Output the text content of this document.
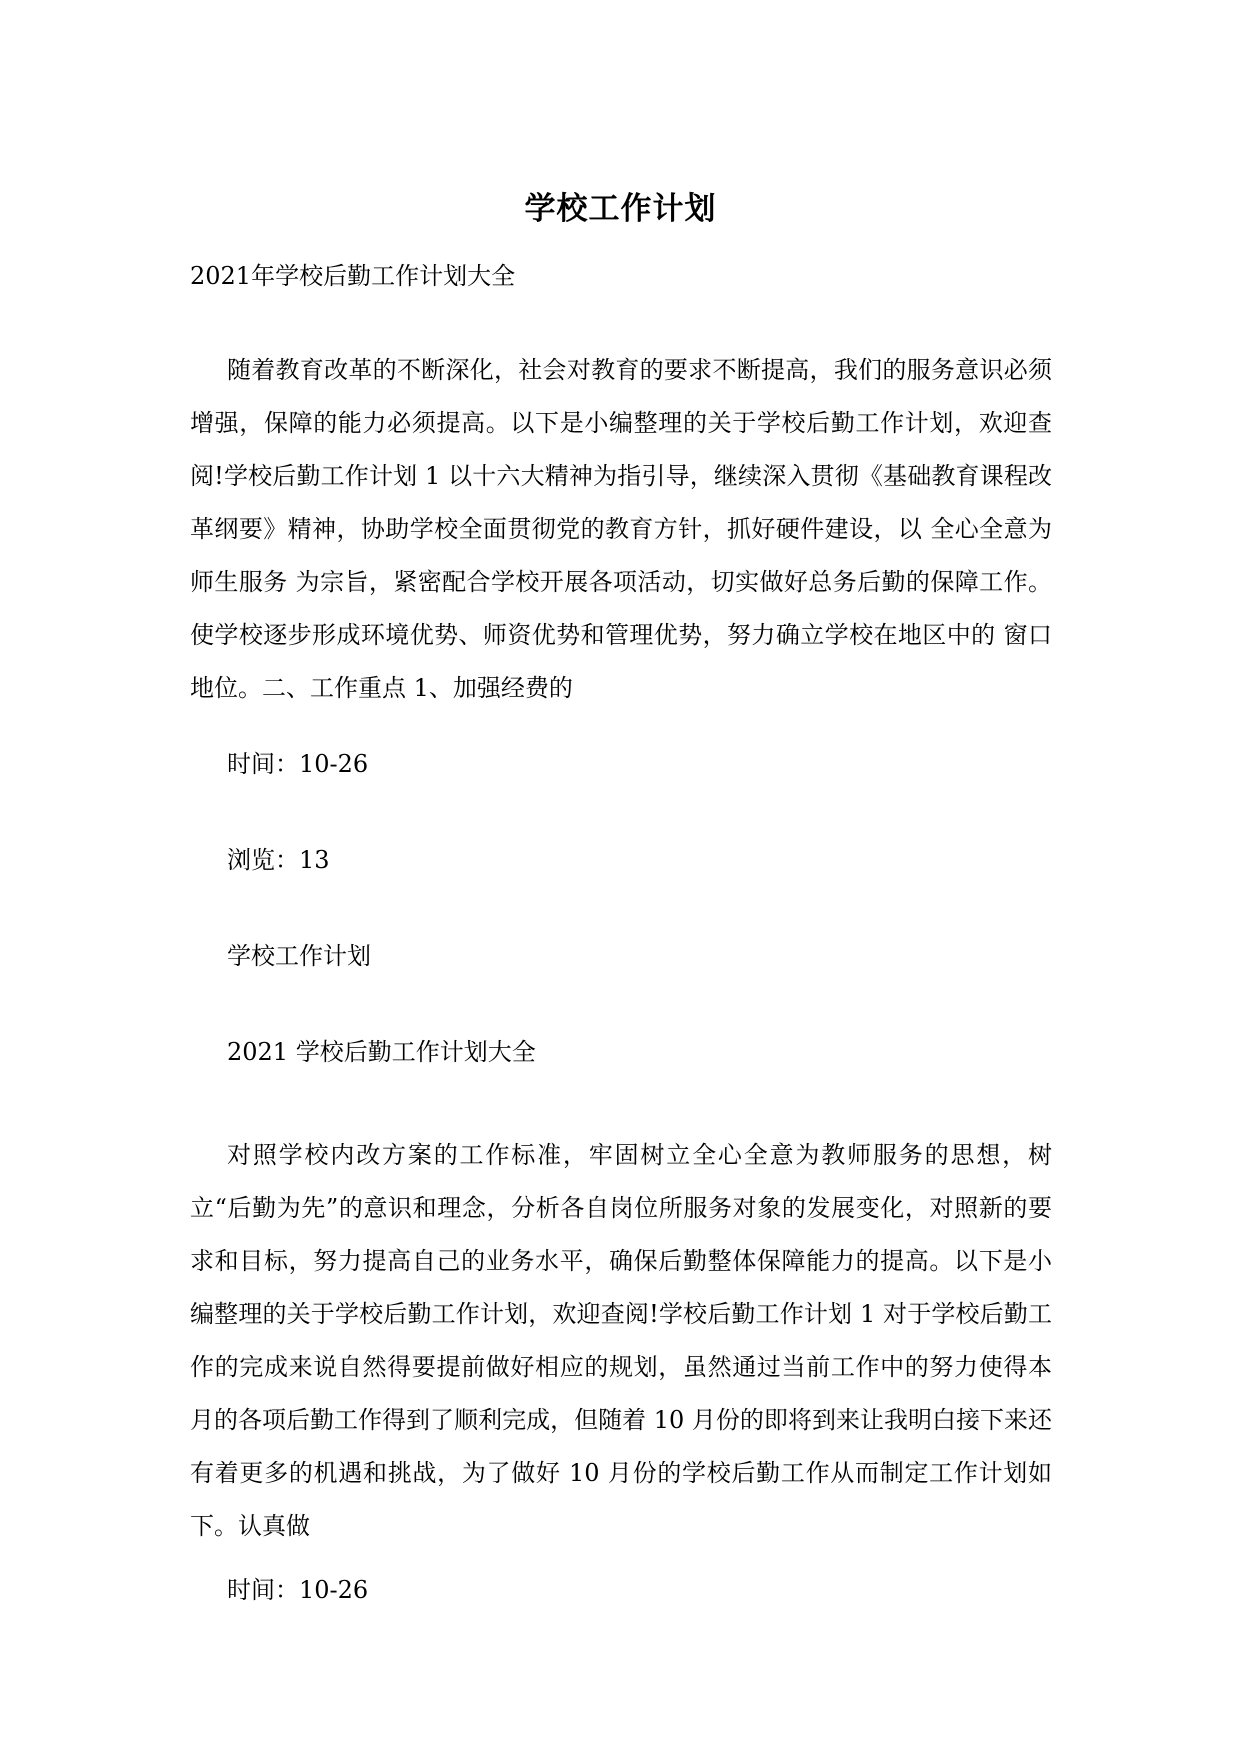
学校工作计划
2021年学校后勤工作计划大全
随着教育改革的不断深化，社会对教育的要求不断提高，我们的服务意识必须增强，保障的能力必须提高。以下是小编整理的关于学校后勤工作计划，欢迎查阅!学校后勤工作计划 1 以十六大精神为指引导，继续深入贯彻《基础教育课程改革纲要》精神，协助学校全面贯彻党的教育方针，抓好硬件建设，以 全心全意为师生服务 为宗旨，紧密配合学校开展各项活动，切实做好总务后勤的保障工作。使学校逐步形成环境优势、师资优势和管理优势，努力确立学校在地区中的 窗口 地位。二、工作重点 1、加强经费的
时间：10-26
浏览：13
学校工作计划
2021 学校后勤工作计划大全
对照学校内改方案的工作标准，牢固树立全心全意为教师服务的思想，树立“后勤为先”的意识和理念，分析各自岗位所服务对象的发展变化，对照新的要求和目标，努力提高自己的业务水平，确保后勤整体保障能力的提高。以下是小编整理的关于学校后勤工作计划，欢迎查阅!学校后勤工作计划 1 对于学校后勤工作的完成来说自然得要提前做好相应的规划，虽然通过当前工作中的努力使得本月的各项后勤工作得到了顺利完成，但随着 10 月份的即将到来让我明白接下来还有着更多的机遇和挑战，为了做好 10 月份的学校后勤工作从而制定工作计划如下。认真做
时间：10-26
